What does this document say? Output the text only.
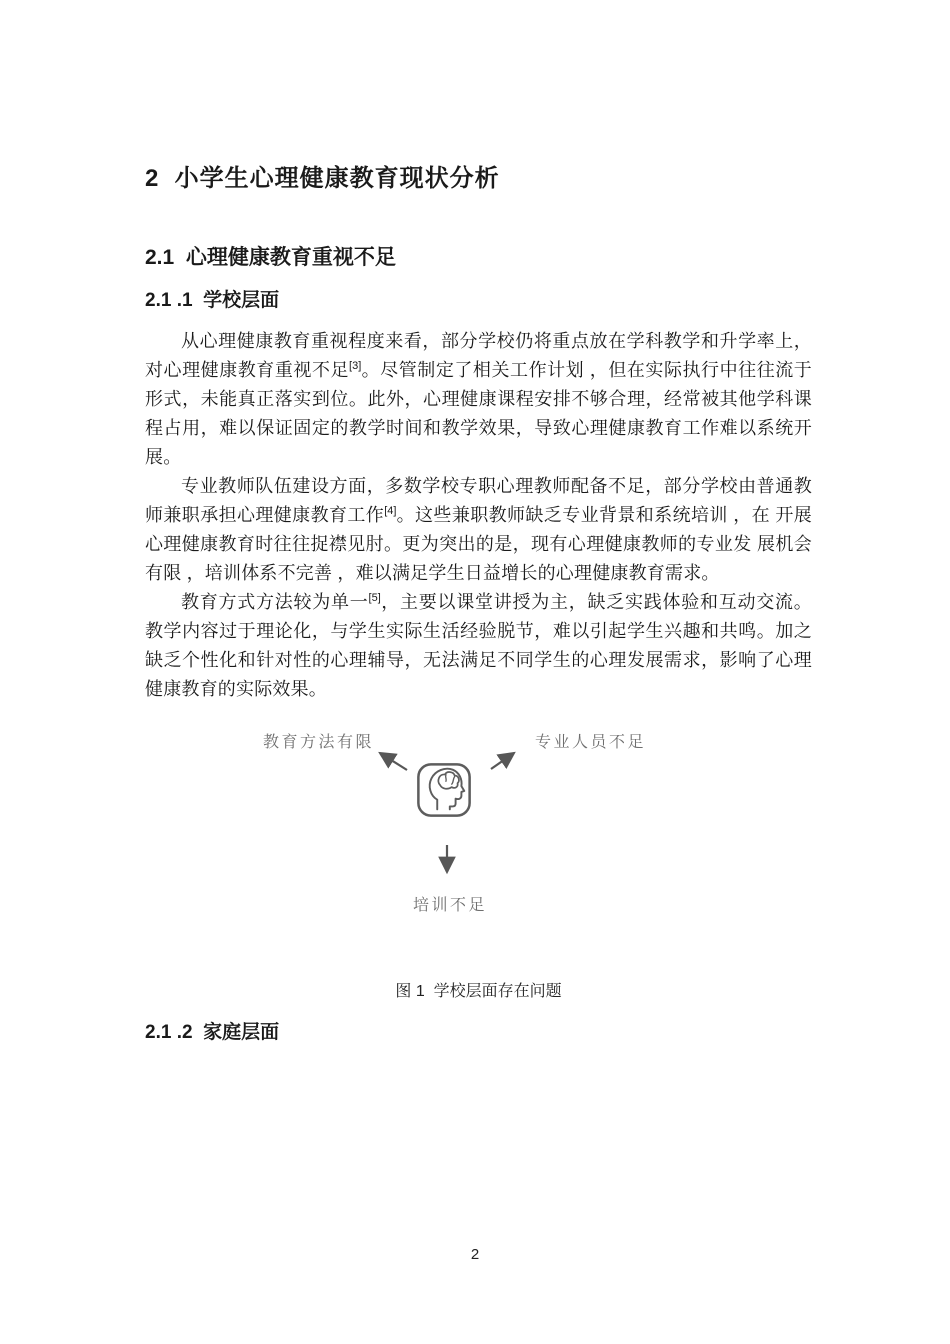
2  小学生心理健康教育现状分析
2.1  心理健康教育重视不足
2.1 .1  学校层面

从心理健康教育重视程度来看，部分学校仍将重点放在学科教学和升学率上，对心理健康教育重视不足[3]。尽管制定了相关工作计划 ，但在实际执行中往往流于形式，未能真正落实到位。此外，心理健康课程安排不够合理，经常被其他学科课程占用，难以保证固定的教学时间和教学效果，导致心理健康教育工作难以系统开展。

专业教师队伍建设方面，多数学校专职心理教师配备不足，部分学校由普通教师兼职承担心理健康教育工作[4]。这些兼职教师缺乏专业背景和系统培训 ，在 开展心理健康教育时往往捉襟见肘。更为突出的是，现有心理健康教师的专业发 展机会有限 ，培训体系不完善 ，难以满足学生日益增长的心理健康教育需求。

教育方式方法较为单一[5]，主要以课堂讲授为主，缺乏实践体验和互动交流。教学内容过于理论化，与学生实际生活经验脱节，难以引起学生兴趣和共鸣。加之缺乏个性化和针对性的心理辅导，无法满足不同学生的心理发展需求，影响了心理健康教育的实际效果。

教育方法有限	专业人员不足
培训不足
图 1  学校层面存在问题
2.1 .2  家庭层面
2
